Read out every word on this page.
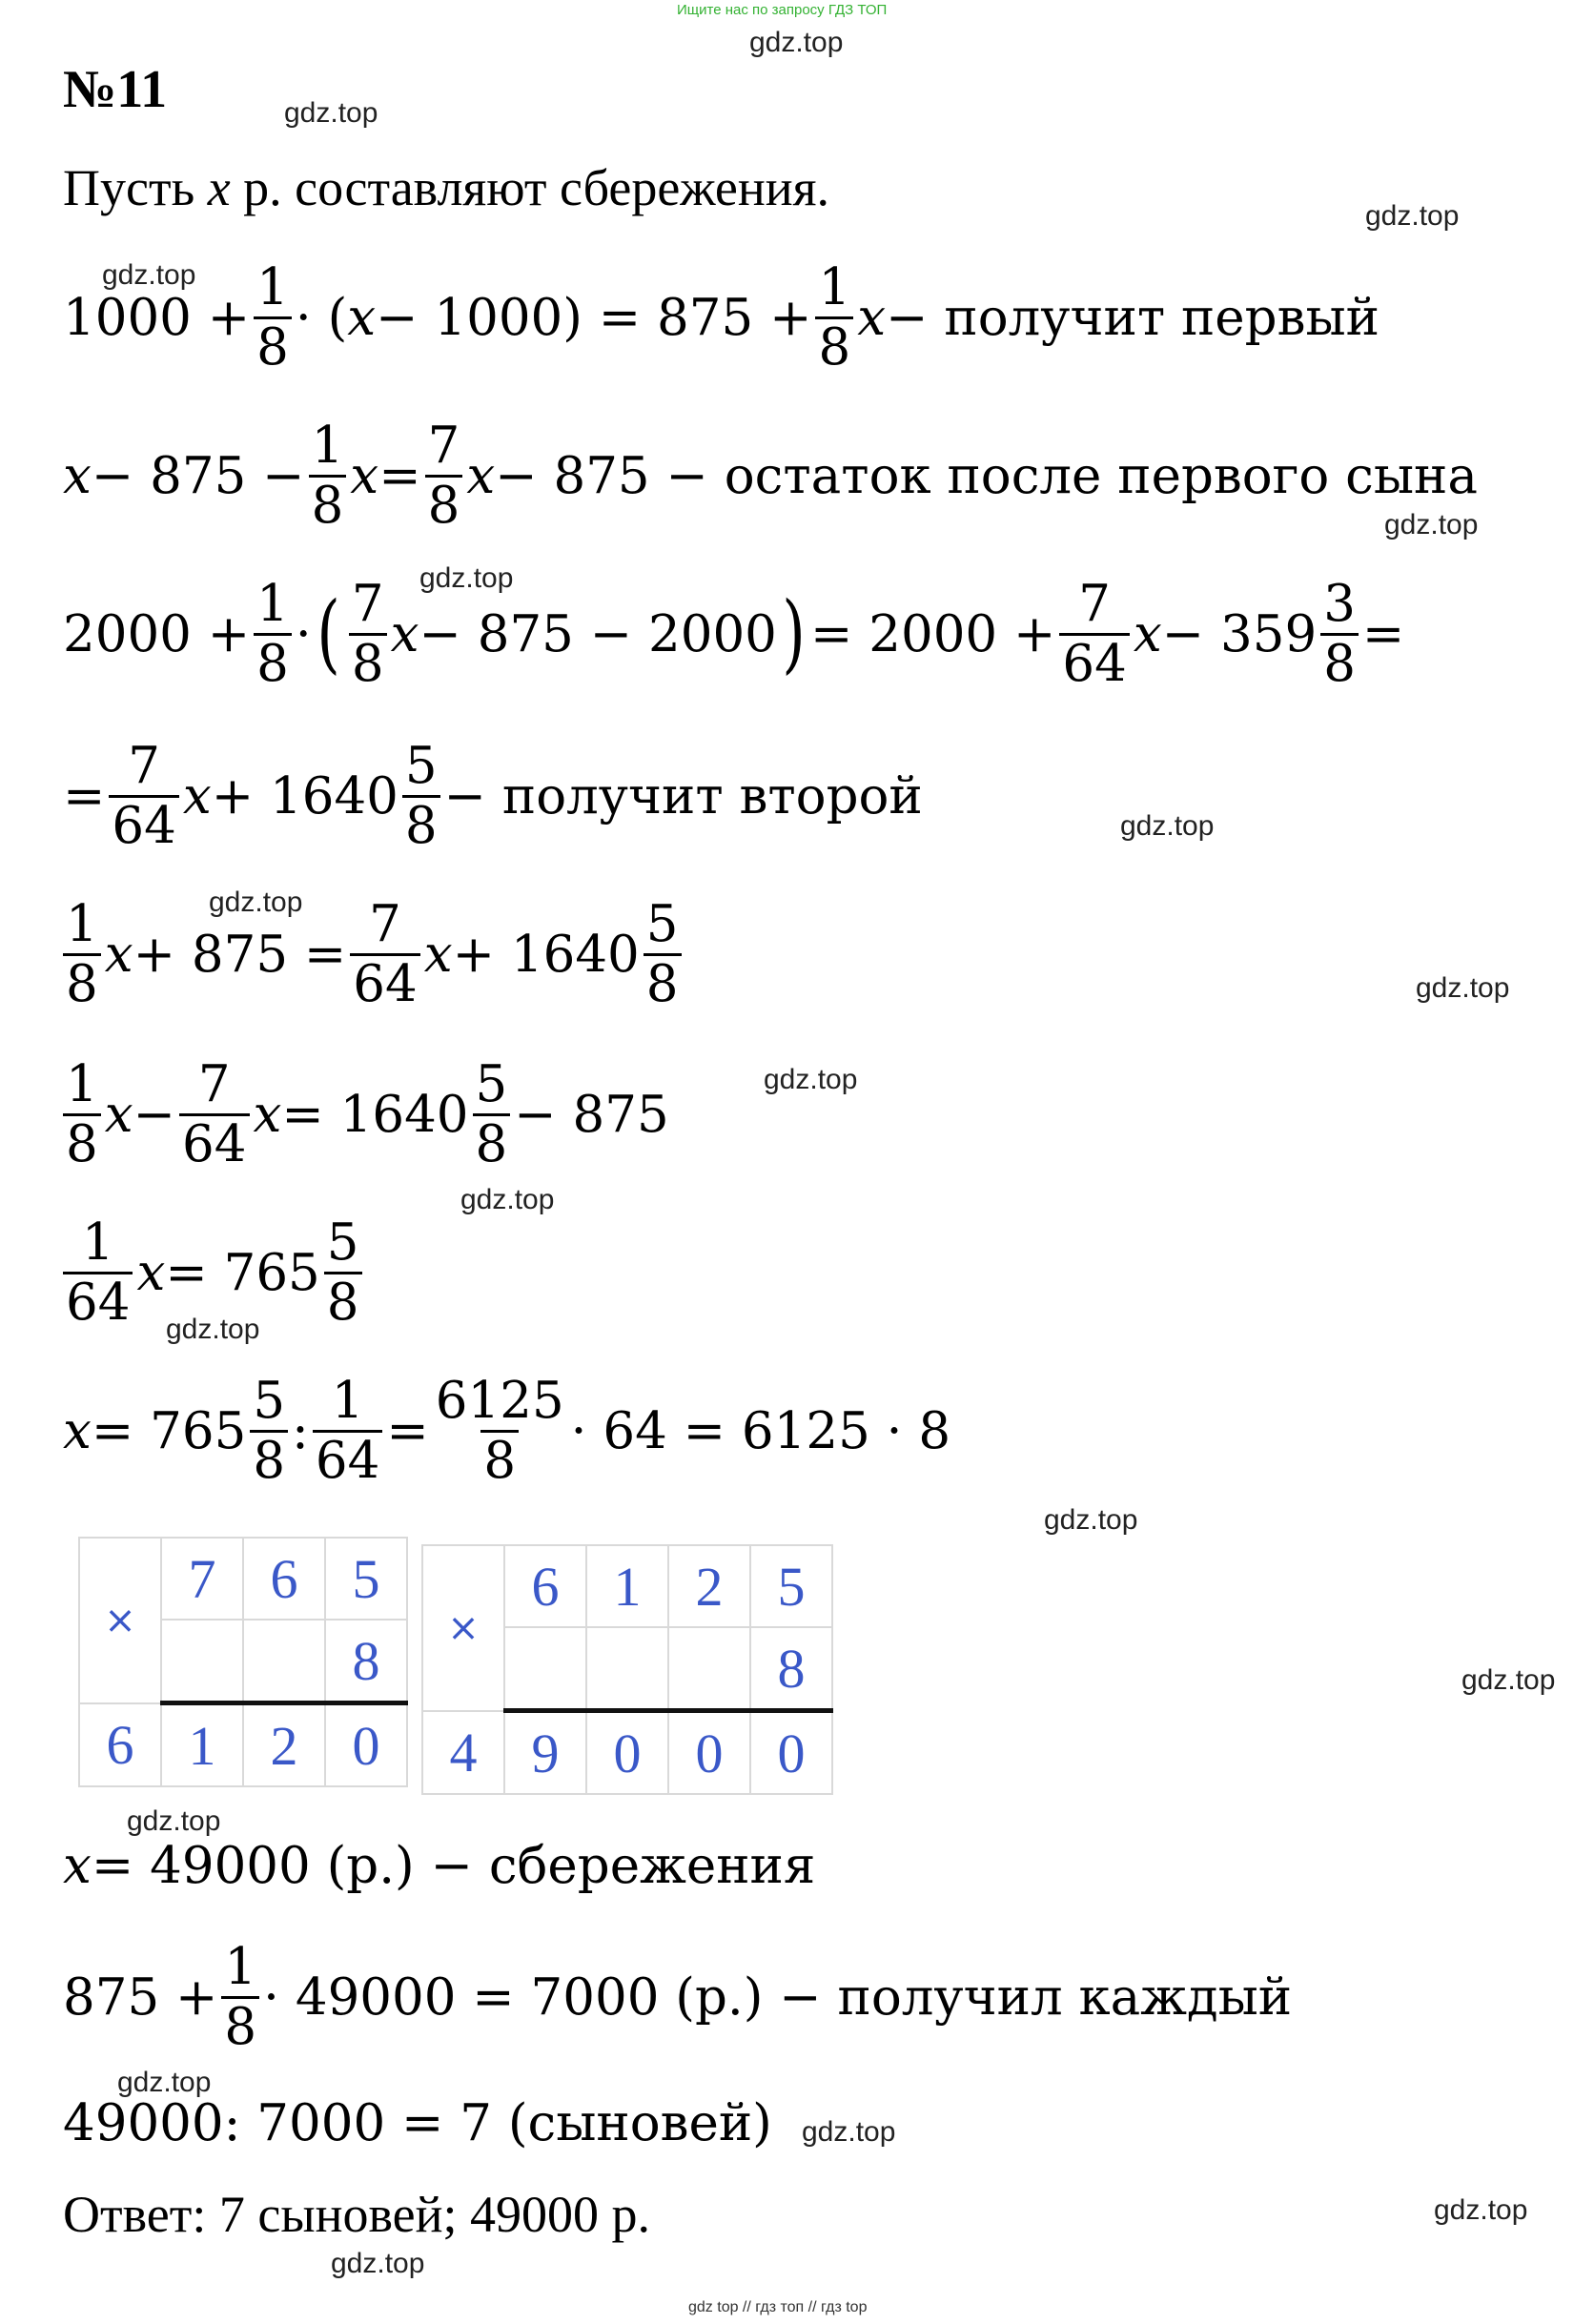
Ищите нас по запросу ГДЗ ТОП
gdz.top
gdz.top
gdz.top
gdz.top
gdz.top
gdz.top
gdz.top
gdz.top
gdz.top
gdz.top
gdz.top
gdz.top
gdz.top
gdz.top
gdz.top
gdz.top
gdz.top
gdz.top
gdz.top
№11
Пусть x р. составляют сбережения.
$1000 + \frac{1}{8}$ · ( $x - 1000) = 875 + \frac{1}{8}$ x − получит первый
$x - 875 - \frac{1}{8}$ $x = \frac{7}{8}$ x − 875 − остаток после первого сына
$2000 + \frac{1}{8}$ · ( $\frac{7}{8}$ x − 875 − 2000 ) = $2000 + \frac{7}{64}$ $x - 359 \frac{3}{8}$ =
= $\frac{7}{64}$ $x + 1640 \frac{5}{8}$ − получит второй
$\frac{1}{8}$ $x + 875 = \frac{7}{64}$ $x + 1640 \frac{5}{8}$
$\frac{1}{8}$ $x - \frac{7}{64}$ $x = 1640 \frac{5}{8} - 875$
$\frac{1}{64}$ $x = 765 \frac{5}{8}$
$x = 765 \frac{5}{8}$ : $\frac{1}{64} = \frac{6125}{8} \cdot 64 = 6125 \cdot 8$
×	7	6	5
			8
6	1	2	0
×	6	1	2	5
				8
4	9	0	0	0
x = 49000 (р.) − сбережения
$875 + \frac{1}{8} \cdot 49000 = 7000$ (р.) − получил каждый
49000: 7000 = 7 (сыновей)
Ответ: 7 сыновей; 49000 р.
gdz top // гдз топ // гдз top
